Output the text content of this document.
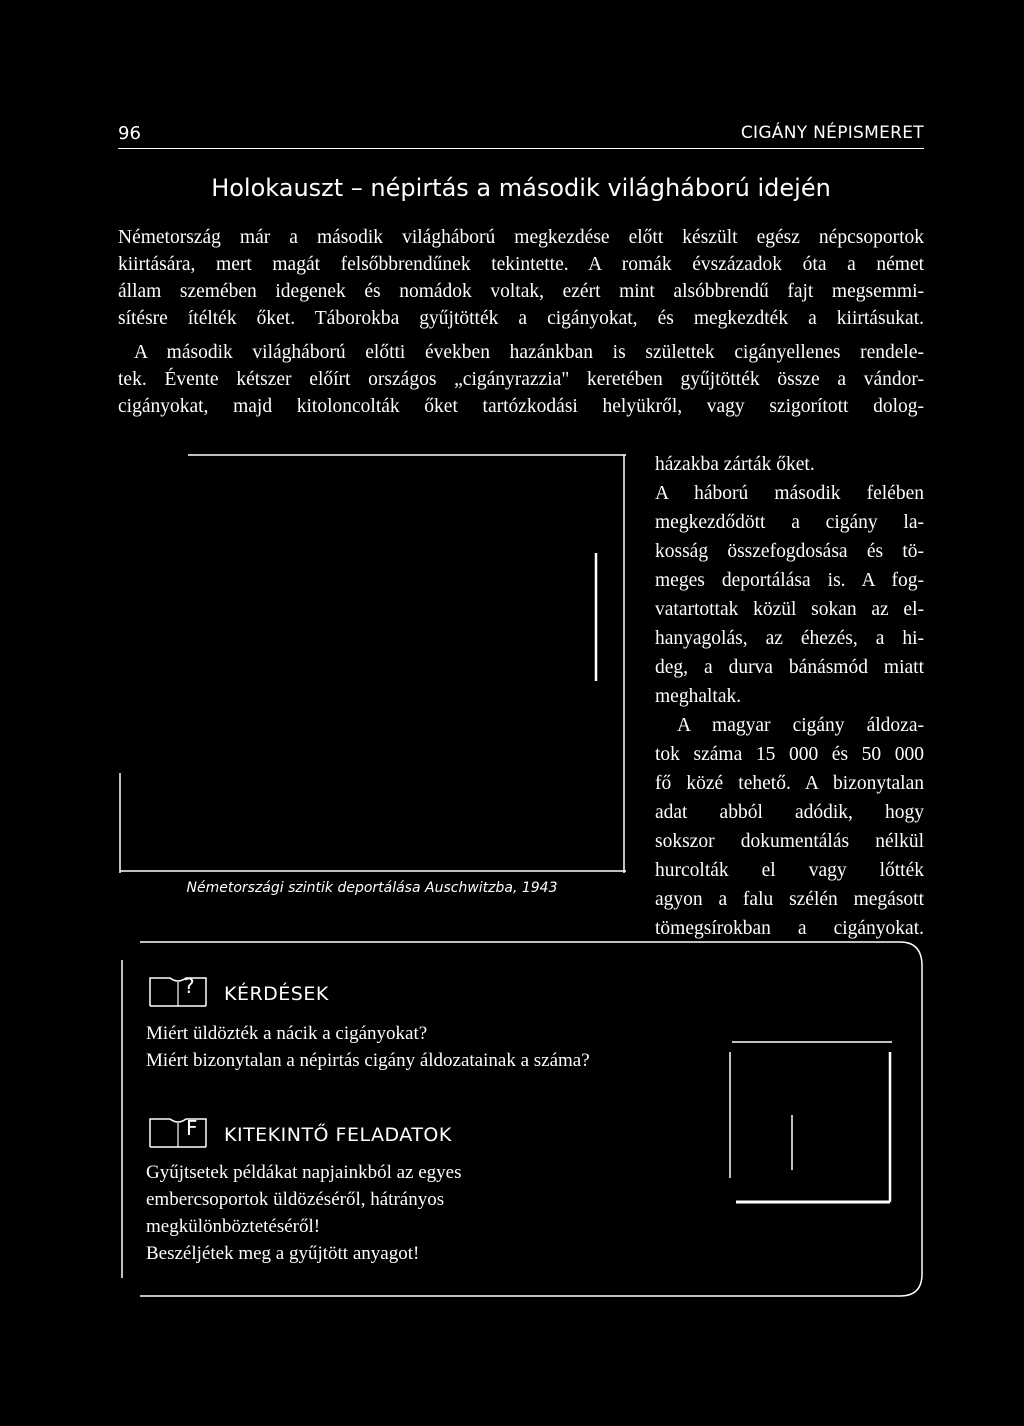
96	CIGÁNY NÉPISMERET
Holokauszt – népirtás a második világháború idején
Németország már a második világháború megkezdése előtt készült egész népcsoportok
kiirtására, mert magát felsőbbrendűnek tekintette. A romák évszázadok óta a német
állam szemében idegenek és nomádok voltak, ezért mint alsóbbrendű fajt megsemmi-
sítésre ítélték őket. Táborokba gyűjtötték a cigányokat, és megkezdték a kiirtásukat.
A második világháború előtti években hazánkban is születtek cigányellenes rendele-
tek. Évente kétszer előírt országos „cigányrazzia" keretében gyűjtötték össze a vándor-
cigányokat, majd kitoloncolták őket tartózkodási helyükről, vagy szigorított dolog-
Németországi szintik deportálása Auschwitzba, 1943
házakba zárták őket.
A háború második felében
megkezdődött a cigány la-
kosság összefogdosása és tö-
meges deportálása is. A fog-
vatartottak közül sokan az el-
hanyagolás, az éhezés, a hi-
deg, a durva bánásmód miatt
meghaltak.
A magyar cigány áldoza-
tok száma 15 000 és 50 000
fő közé tehető. A bizonytalan
adat abból adódik, hogy
sokszor dokumentálás nélkül
hurcolták el vagy lőtték
agyon a falu szélén megásott
tömegsírokban a cigányokat.
? KÉRDÉSEK
Miért üldözték a nácik a cigányokat?
Miért bizonytalan a népirtás cigány áldozatainak a száma?
F KITEKINTŐ FELADATOK
Gyűjtsetek példákat napjainkból az egyes
embercsoportok üldözéséről, hátrányos
megkülönböztetéséről!
Beszéljétek meg a gyűjtött anyagot!
